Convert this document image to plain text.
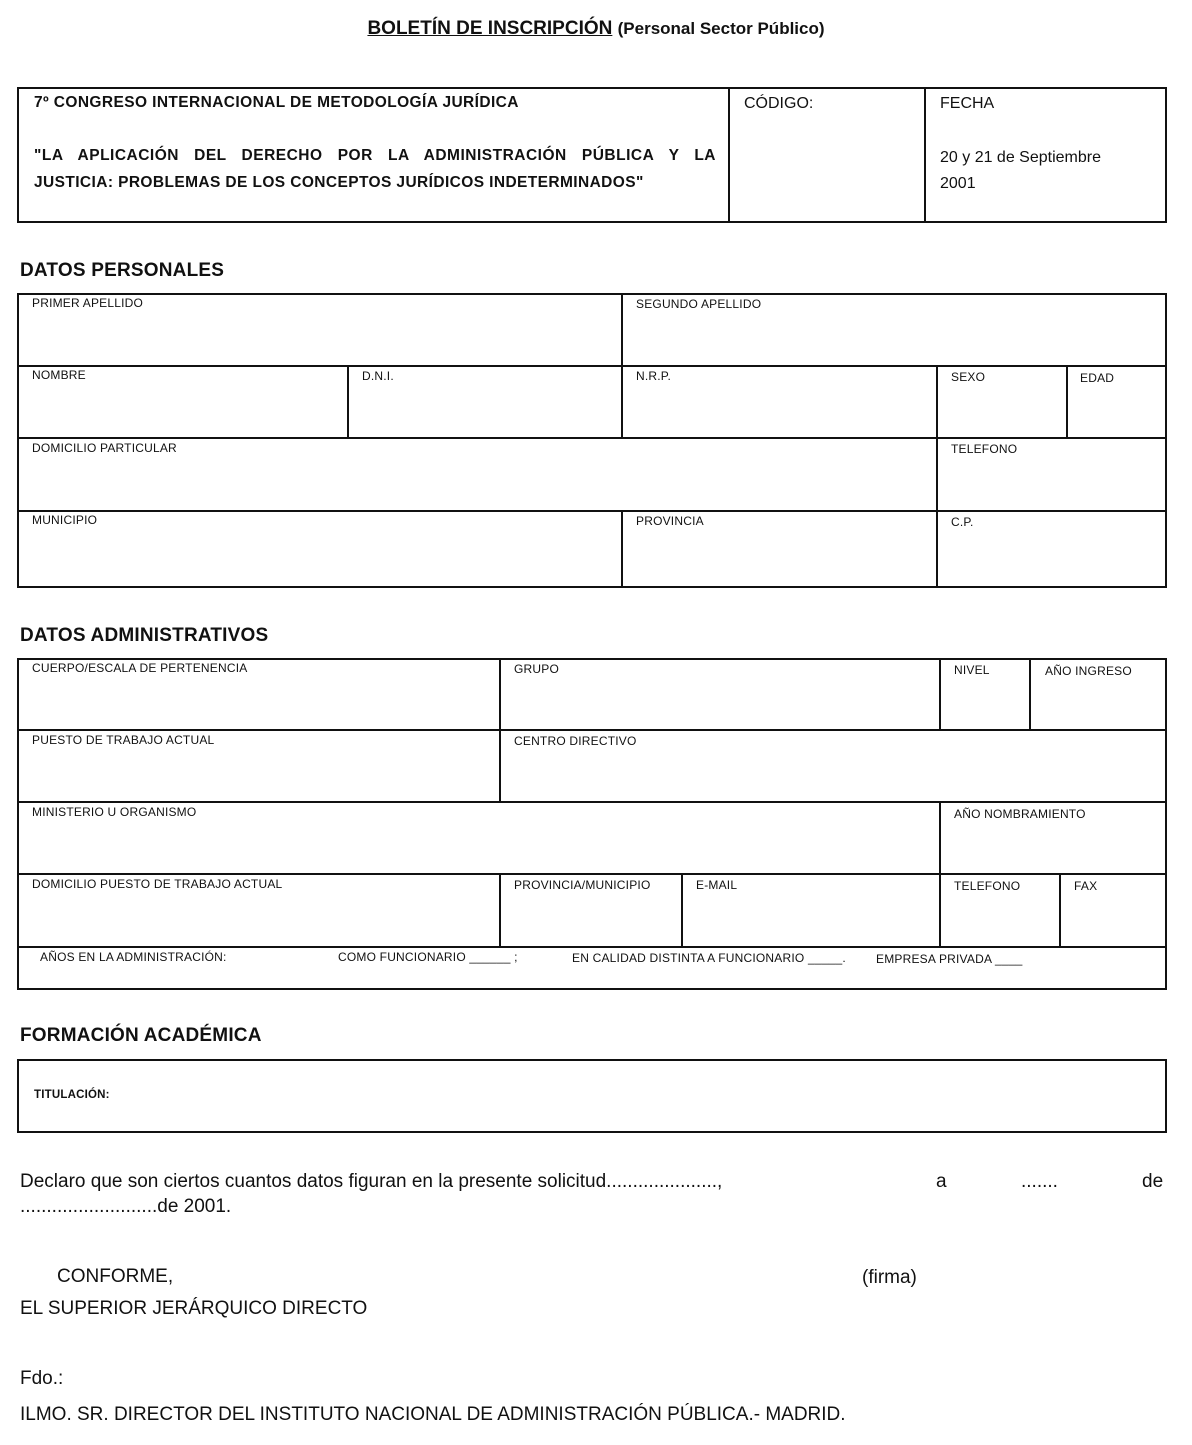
BOLETÍN DE INSCRIPCIÓN (Personal Sector Público)
7º CONGRESO INTERNACIONAL DE METODOLOGÍA JURÍDICA
"LA APLICACIÓN DEL DERECHO POR LA ADMINISTRACIÓN PÚBLICA Y LA
JUSTICIA: PROBLEMAS DE LOS CONCEPTOS JURÍDICOS INDETERMINADOS"
CÓDIGO:	FECHA
20 y 21 de Septiembre
2001
DATOS PERSONALES
PRIMER APELLIDO	SEGUNDO APELLIDO
NOMBRE	D.N.I.	N.R.P.	SEXO	EDAD
DOMICILIO PARTICULAR	TELEFONO
MUNICIPIO	PROVINCIA	C.P.
DATOS ADMINISTRATIVOS
CUERPO/ESCALA DE PERTENENCIA	GRUPO	NIVEL	AÑO INGRESO
PUESTO DE TRABAJO ACTUAL	CENTRO DIRECTIVO
MINISTERIO U ORGANISMO	AÑO NOMBRAMIENTO
DOMICILIO PUESTO DE TRABAJO ACTUAL	PROVINCIA/MUNICIPIO	E-MAIL	TELEFONO	FAX
AÑOS EN LA ADMINISTRACIÓN:	COMO FUNCIONARIO ______ ;	EN CALIDAD DISTINTA A FUNCIONARIO _____.	EMPRESA PRIVADA ____
FORMACIÓN ACADÉMICA
TITULACIÓN:
Declaro que son ciertos cuantos datos figuran en la presente solicitud.....................,	a	.......	de
..........................de 2001.
CONFORME,	(firma)
EL SUPERIOR JERÁRQUICO DIRECTO
Fdo.:
ILMO. SR. DIRECTOR DEL INSTITUTO NACIONAL DE ADMINISTRACIÓN PÚBLICA.- MADRID.
